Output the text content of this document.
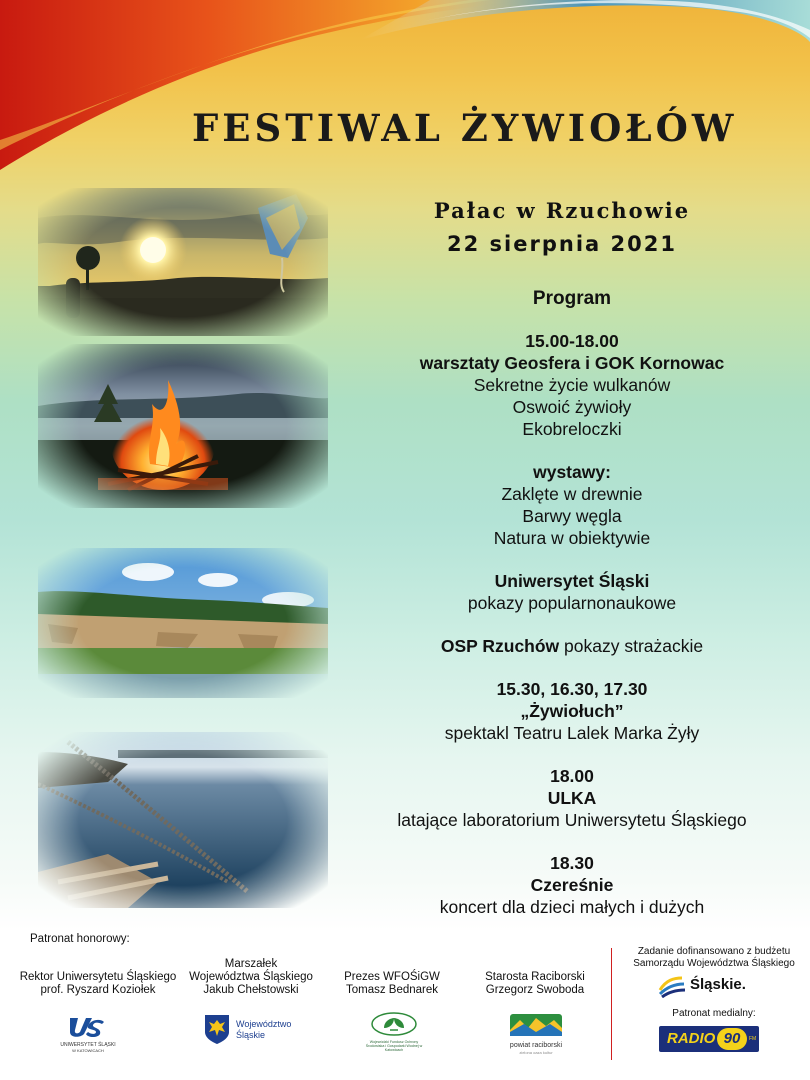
FESTIWAL ŻYWIOŁÓW
Pałac w Rzuchowie
22 sierpnia 2021
Program
15.00-18.00
warsztaty Geosfera i GOK Kornowac
Sekretne życie wulkanów
Oswoić żywioły
Ekobreloczki
wystawy:
Zaklęte w drewnie
Barwy węgla
Natura w obiektywie
Uniwersytet Śląski
pokazy popularnonaukowe
OSP Rzuchów pokazy strażackie
15.30, 16.30, 17.30
„Żywiołuch”
spektakl Teatru Lalek Marka Żyły
18.00
ULKA
latające laboratorium Uniwersytetu Śląskiego
18.30
Czereśnie
koncert dla dzieci małych i dużych
Patronat honorowy:
Rektor Uniwersytetu Śląskiego
prof. Ryszard Koziołek
Marszałek
Województwa Śląskiego
Jakub Chełstowski
Prezes WFOŚiGW
Tomasz Bednarek
Starosta Raciborski
Grzegorz Swoboda
UNIWERSYTET ŚLĄSKI
W KATOWICACH
Województwo
Śląskie
Wojewódzki Fundusz Ochrony Środowiska i Gospodarki Wodnej w Katowicach
powiat raciborski
zielona oaza kultur
Zadanie dofinansowano z budżetu
Samorządu Województwa Śląskiego
Śląskie.
Patronat medialny:
RADIO 90	FM
